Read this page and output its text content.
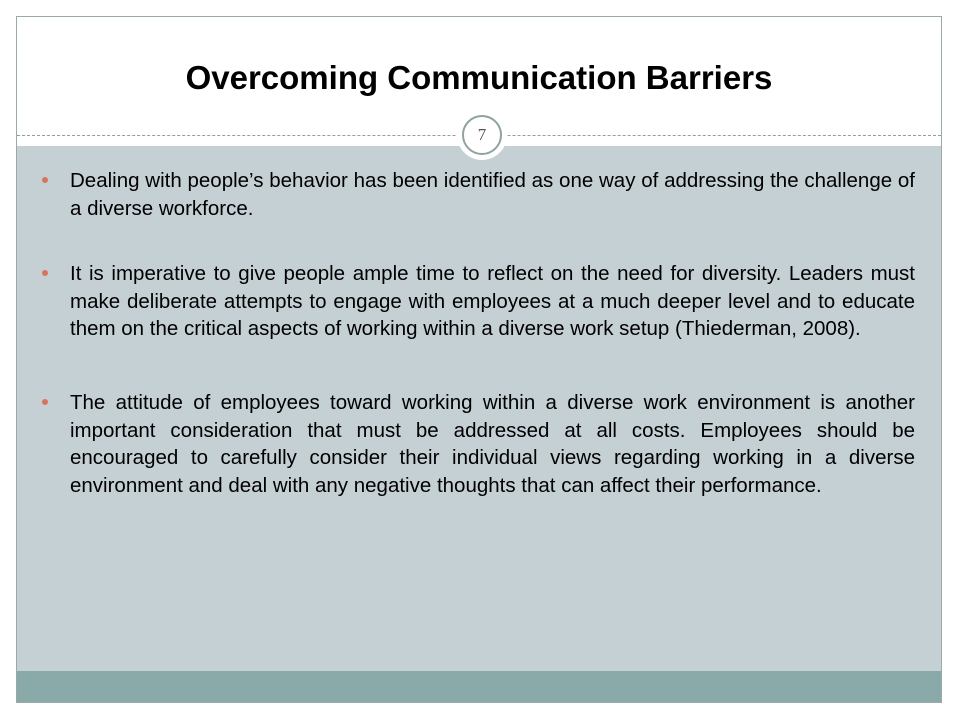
Overcoming Communication Barriers
7
Dealing with people’s behavior has been identified as one way of addressing the challenge of a diverse workforce.
It is imperative to give people ample time to reflect on the need for diversity. Leaders must make deliberate attempts to engage with employees at a much deeper level and to educate them on the critical aspects of working within a diverse work setup (Thiederman, 2008).
The attitude of employees toward working within a diverse work environment is another important consideration that must be addressed at all costs. Employees should be encouraged to carefully consider their individual views regarding working in a diverse environment and deal with any negative thoughts that can affect their performance.
